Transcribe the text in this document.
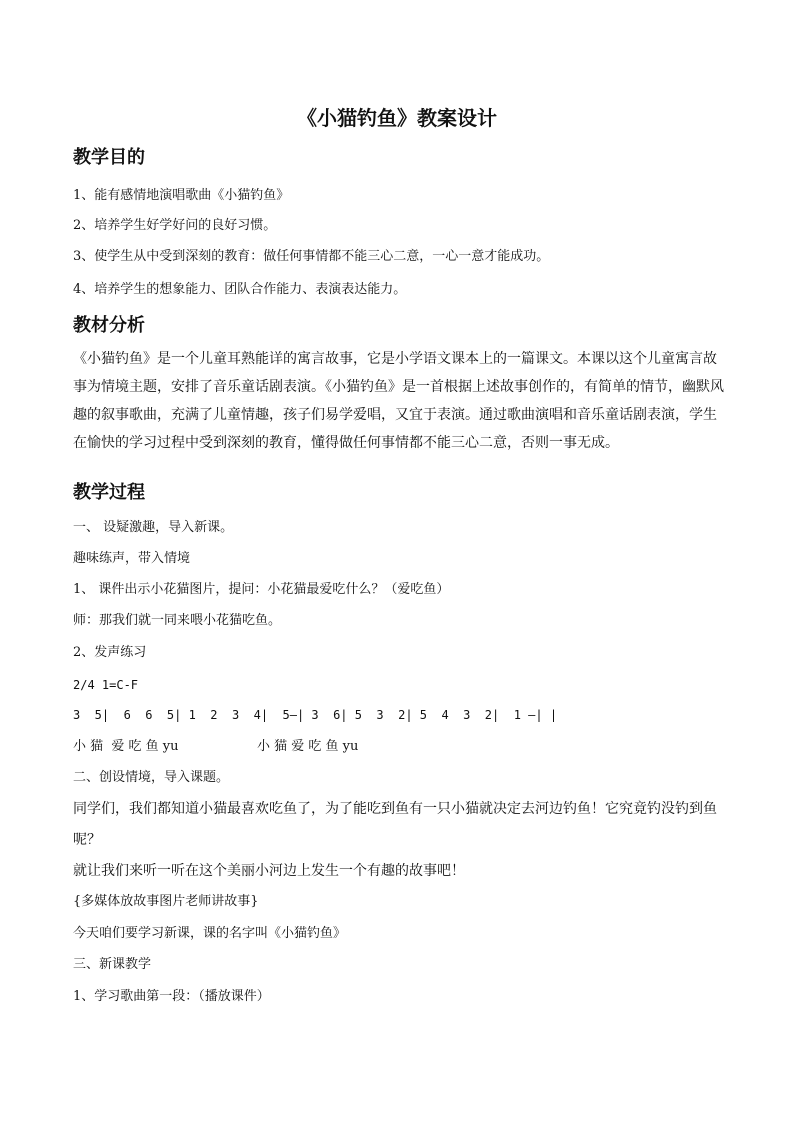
《小猫钓鱼》教案设计
教学目的
1、能有感情地演唱歌曲《小猫钓鱼》
2、培养学生好学好问的良好习惯。
3、使学生从中受到深刻的教育：做任何事情都不能三心二意，一心一意才能成功。
4、培养学生的想象能力、团队合作能力、表演表达能力。
教材分析
《小猫钓鱼》是一个儿童耳熟能详的寓言故事，它是小学语文课本上的一篇课文。本课以这个儿童寓言故
事为情境主题，安排了音乐童话剧表演。《小猫钓鱼》是一首根据上述故事创作的，有简单的情节，幽默风
趣的叙事歌曲，充满了儿童情趣，孩子们易学爱唱，又宜于表演。通过歌曲演唱和音乐童话剧表演，学生
在愉快的学习过程中受到深刻的教育，懂得做任何事情都不能三心二意，否则一事无成。
教学过程
一、 设疑激趣，导入新课。
趣味练声，带入情境
1、 课件出示小花猫图片，提问：小花猫最爱吃什么？（爱吃鱼）
师：那我们就一同来喂小花猫吃鱼。
2、发声练习
2/4 1=C-F
3  5|  6  6  5| 1  2  3  4|  5—| 3  6| 5  3  2| 5  4  3  2|  1 —| |
小 猫  爱 吃 鱼 yu                   小 猫 爱 吃 鱼 yu
二、创设情境，导入课题。
同学们，我们都知道小猫最喜欢吃鱼了，为了能吃到鱼有一只小猫就决定去河边钓鱼！它究竟钓没钓到鱼
呢？
就让我们来听一听在这个美丽小河边上发生一个有趣的故事吧！
{多媒体放故事图片老师讲故事}
今天咱们要学习新课，课的名字叫《小猫钓鱼》
三、新课教学
1、学习歌曲第一段：（播放课件）
